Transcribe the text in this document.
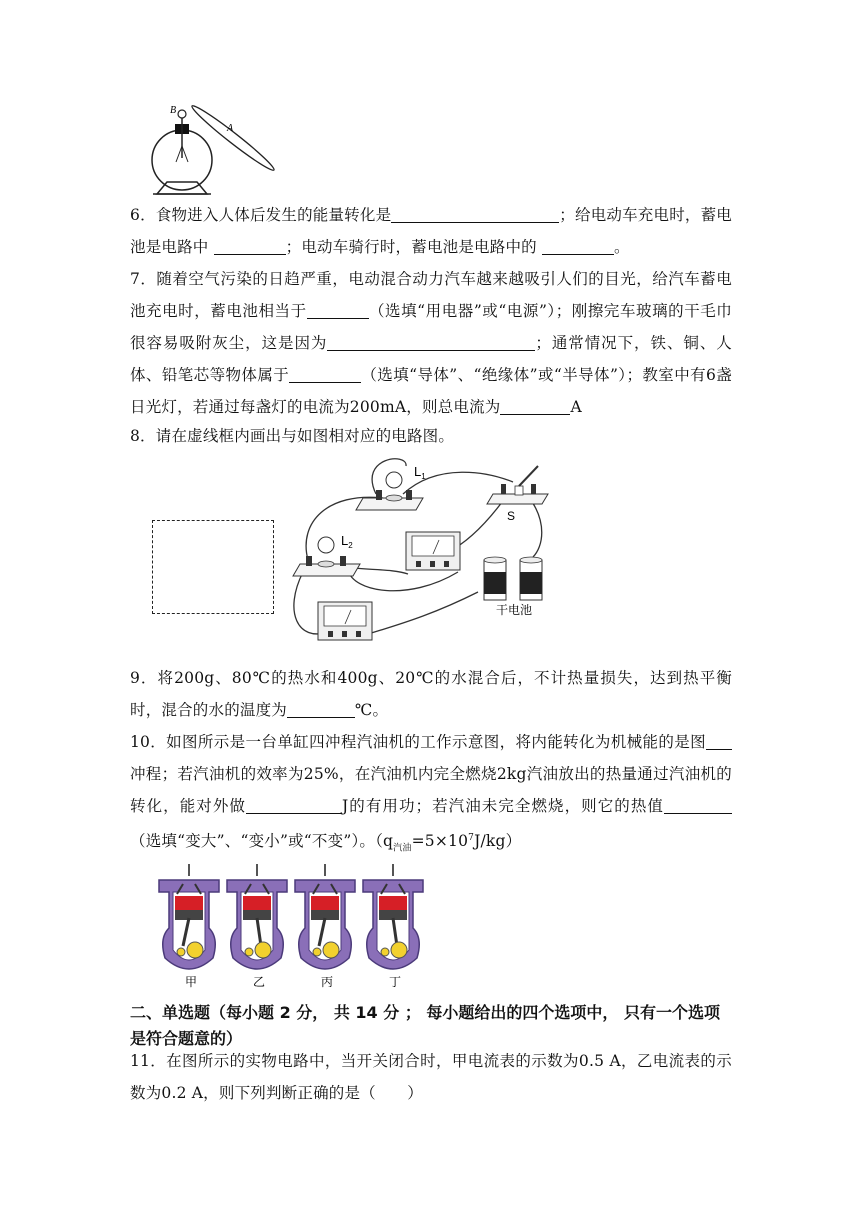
B
A
6．食物进入人体后发生的能量转化是	；给电动车充电时，蓄电池是电路中	；电动车骑行时，蓄电池是电路中的	。
7．随着空气污染的日趋严重，电动混合动力汽车越来越吸引人们的目光，给汽车蓄电池充电时，蓄电池相当于	（选填“用电器”或“电源”）；刚擦完车玻璃的干毛巾很容易吸附灰尘，这是因为	；通常情况下，铁、铜、人体、铅笔芯等物体属于	（选填“导体”、“绝缘体”或“半导体”）；教室中有6盏日光灯，若通过每盏灯的电流为200mA，则总电流为	A
8．请在虚线框内画出与如图相对应的电路图。
$L_1$
S
$L_2$
干电池
9．将200g、80℃的热水和400g、20℃的水混合后，不计热量损失，达到热平衡时，混合的水的温度为	℃。
10．如图所示是一台单缸四冲程汽油机的工作示意图，将内能转化为机械能的是图冲程；若汽油机的效率为25%，在汽油机内完全燃烧2kg汽油放出的热量通过汽油机的转化，能对外做	J的有用功；若汽油未完全燃烧，则它的热值（选填“变大”、“变小”或“不变”）。$(q_{汽油}=5\times 10^7J/kg)$
甲	乙	丙	丁
二、单选题（每小题 2 分， 共 14 分 ； 每小题给出的四个选项中， 只有一个选项是符合题意的）
11．在图所示的实物电路中，当开关闭合时，甲电流表的示数为0.5 A，乙电流表的示数为0.2 A，则下列判断正确的是（　　）
